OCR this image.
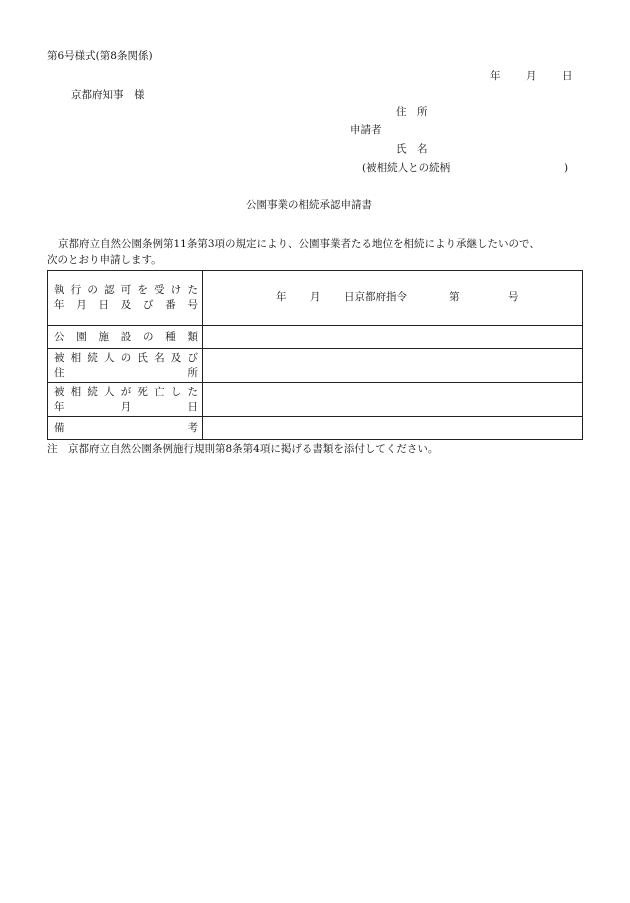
第6号様式(第8条関係)
年 月 日
京都府知事　様
住　所
申請者
氏　名
(被相続人との続柄	)
公園事業の相続承認申請書
京都府立自然公園条例第11条第3項の規定により、公園事業者たる地位を相続により承継したいので、
次のとおり申請します。
執行の認可を受けた
年月日及び番号	年 月 日京都府指令 第 号

公園施設の種類	

被相続人の氏名及び
住　　所	

被相続人が死亡した
年 月 日	

備　　　考	

注　京都府立自然公園条例施行規則第8条第4項に掲げる書類を添付してください。
